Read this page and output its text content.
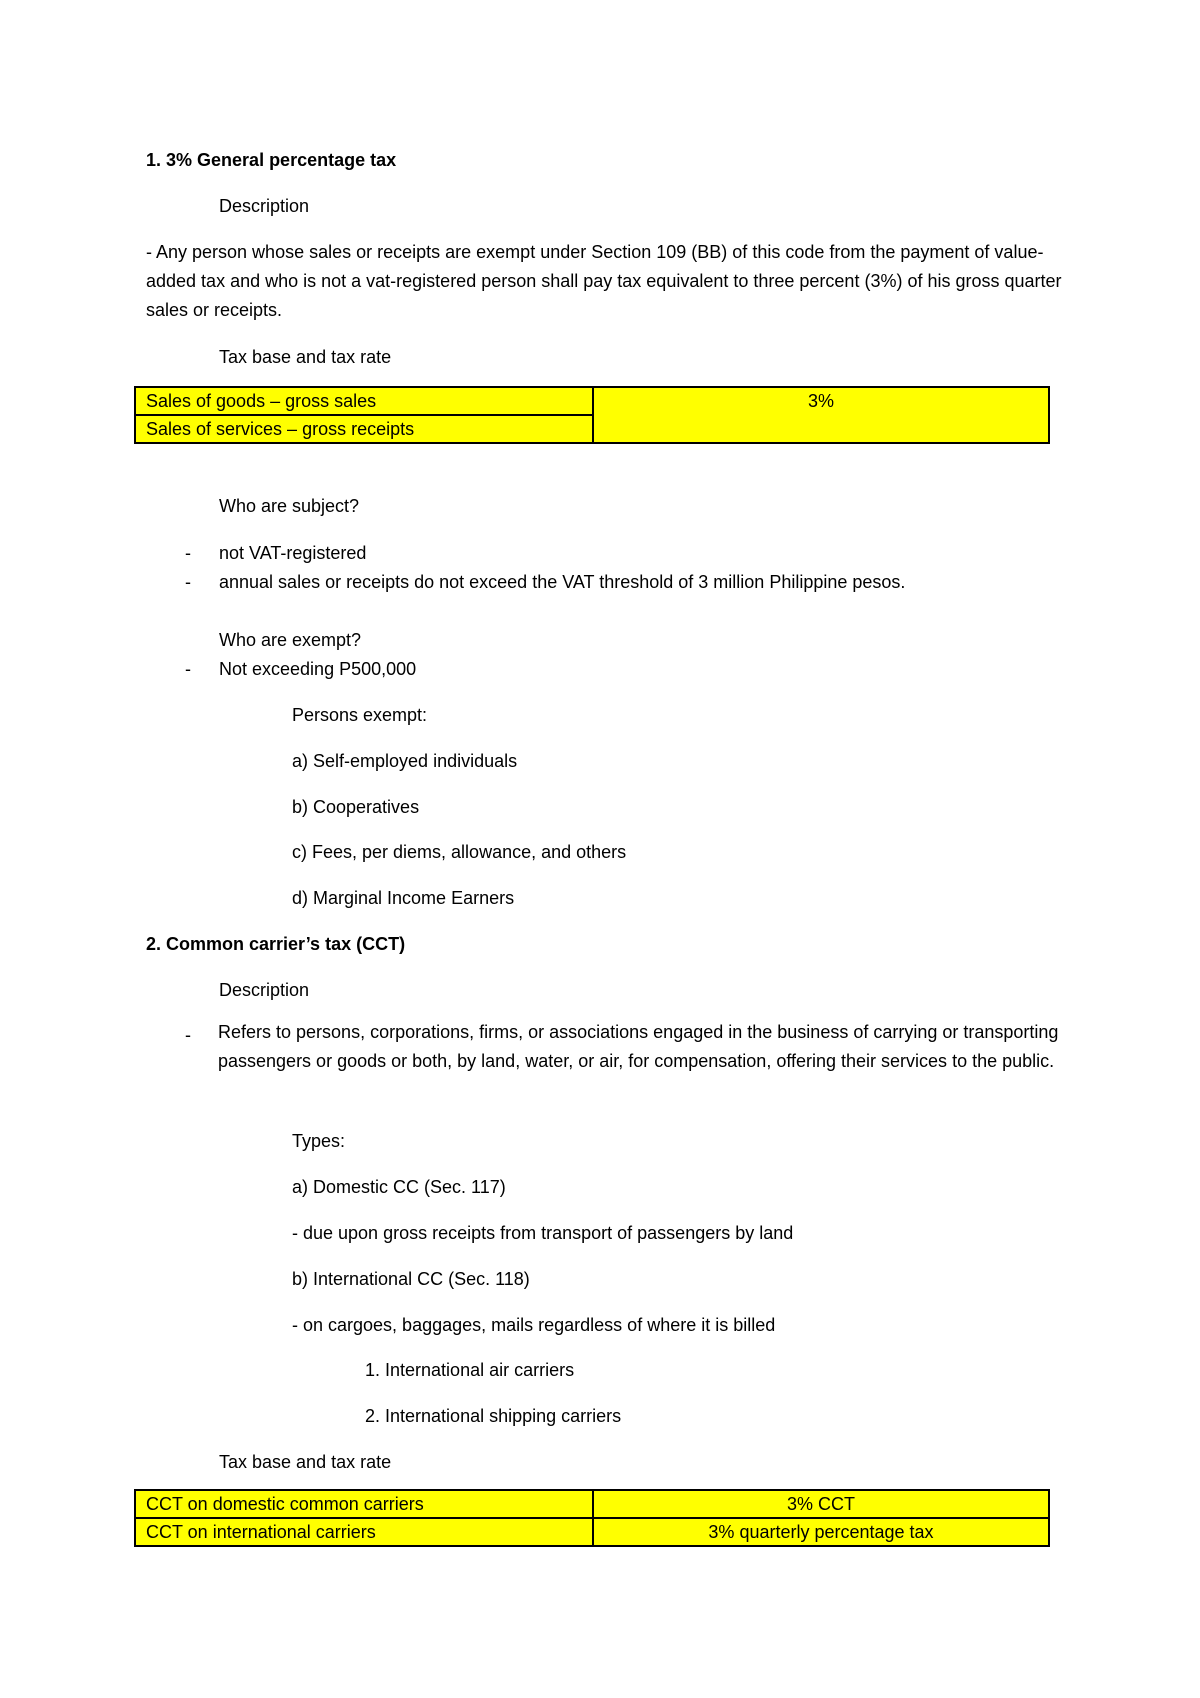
1. 3% General percentage tax
Description
- Any person whose sales or receipts are exempt under Section 109 (BB) of this code from the payment of value-added tax and who is not a vat-registered person shall pay tax equivalent to three percent (3%) of his gross quarter sales or receipts.
Tax base and tax rate
Sales of goods – gross sales	3%
Sales of services – gross receipts
Who are subject?
- not VAT-registered
- annual sales or receipts do not exceed the VAT threshold of 3 million Philippine pesos.
Who are exempt?
- Not exceeding P500,000
Persons exempt:
a) Self-employed individuals
b) Cooperatives
c) Fees, per diems, allowance, and others
d) Marginal Income Earners
2. Common carrier’s tax (CCT)
Description
- Refers to persons, corporations, firms, or associations engaged in the business of carrying or transporting passengers or goods or both, by land, water, or air, for compensation, offering their services to the public.
Types:
a) Domestic CC (Sec. 117)
- due upon gross receipts from transport of passengers by land
b) International CC (Sec. 118)
- on cargoes, baggages, mails regardless of where it is billed
1. International air carriers
2. International shipping carriers
Tax base and tax rate
CCT on domestic common carriers	3% CCT
CCT on international carriers	3% quarterly percentage tax
